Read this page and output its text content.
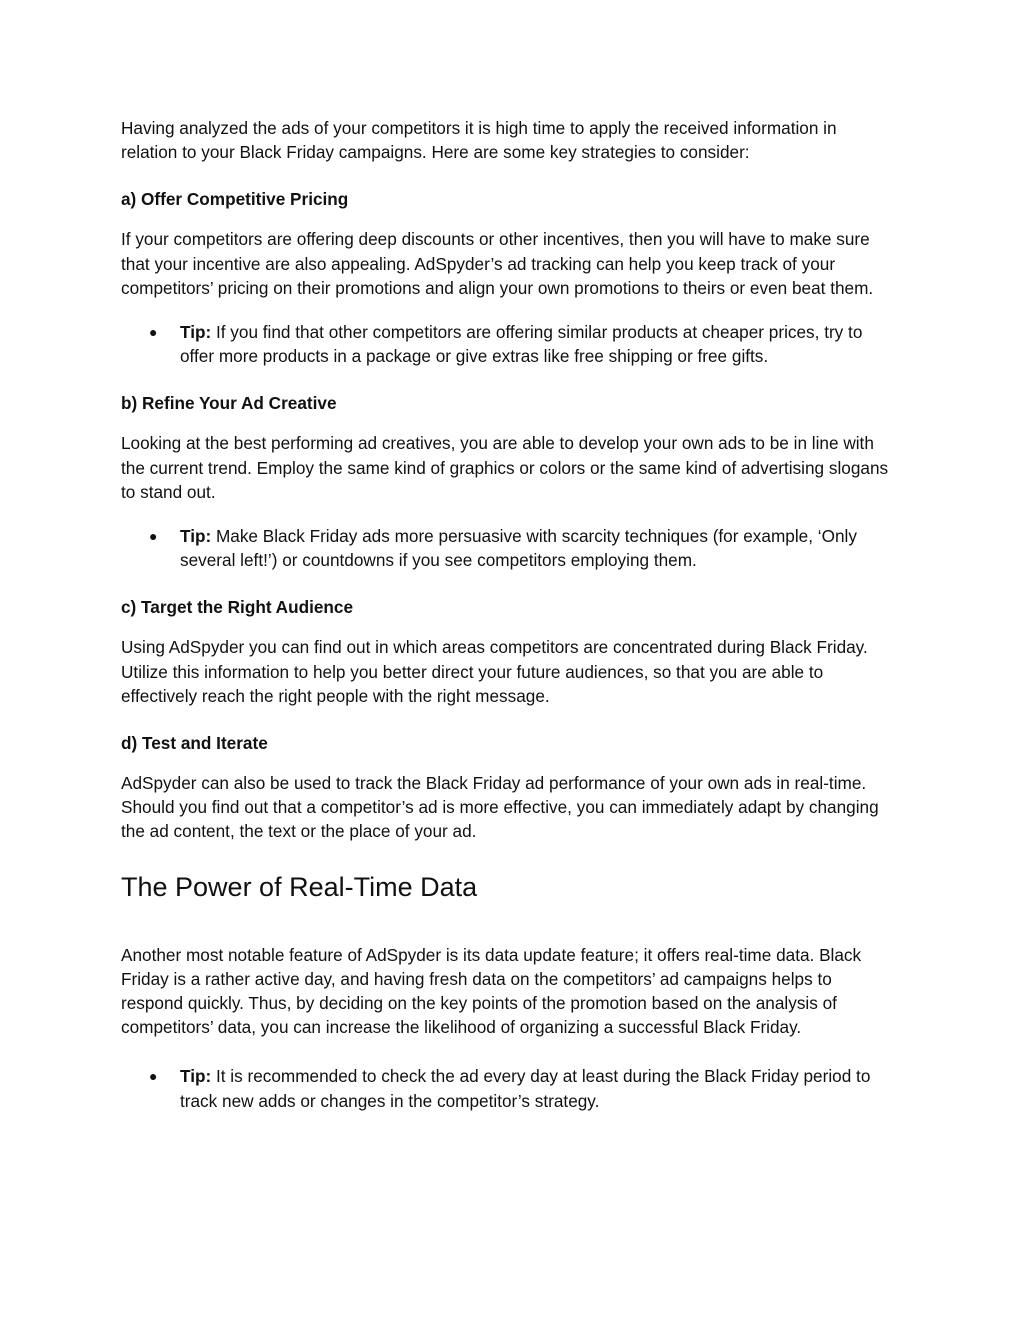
Having analyzed the ads of your competitors it is high time to apply the received information in relation to your Black Friday campaigns. Here are some key strategies to consider:

a) Offer Competitive Pricing

If your competitors are offering deep discounts or other incentives, then you will have to make sure that your incentive are also appealing. AdSpyder’s ad tracking can help you keep track of your competitors’ pricing on their promotions and align your own promotions to theirs or even beat them.

● Tip: If you find that other competitors are offering similar products at cheaper prices, try to offer more products in a package or give extras like free shipping or free gifts.
b) Refine Your Ad Creative

Looking at the best performing ad creatives, you are able to develop your own ads to be in line with the current trend. Employ the same kind of graphics or colors or the same kind of advertising slogans to stand out.

● Tip: Make Black Friday ads more persuasive with scarcity techniques (for example, ‘Only several left!’) or countdowns if you see competitors employing them.
c) Target the Right Audience

Using AdSpyder you can find out in which areas competitors are concentrated during Black Friday. Utilize this information to help you better direct your future audiences, so that you are able to effectively reach the right people with the right message.

d) Test and Iterate

AdSpyder can also be used to track the Black Friday ad performance of your own ads in real-time. Should you find out that a competitor’s ad is more effective, you can immediately adapt by changing the ad content, the text or the place of your ad.

The Power of Real-Time Data

Another most notable feature of AdSpyder is its data update feature; it offers real-time data. Black Friday is a rather active day, and having fresh data on the competitors’ ad campaigns helps to respond quickly. Thus, by deciding on the key points of the promotion based on the analysis of competitors’ data, you can increase the likelihood of organizing a successful Black Friday.

● Tip: It is recommended to check the ad every day at least during the Black Friday period to track new adds or changes in the competitor’s strategy.
